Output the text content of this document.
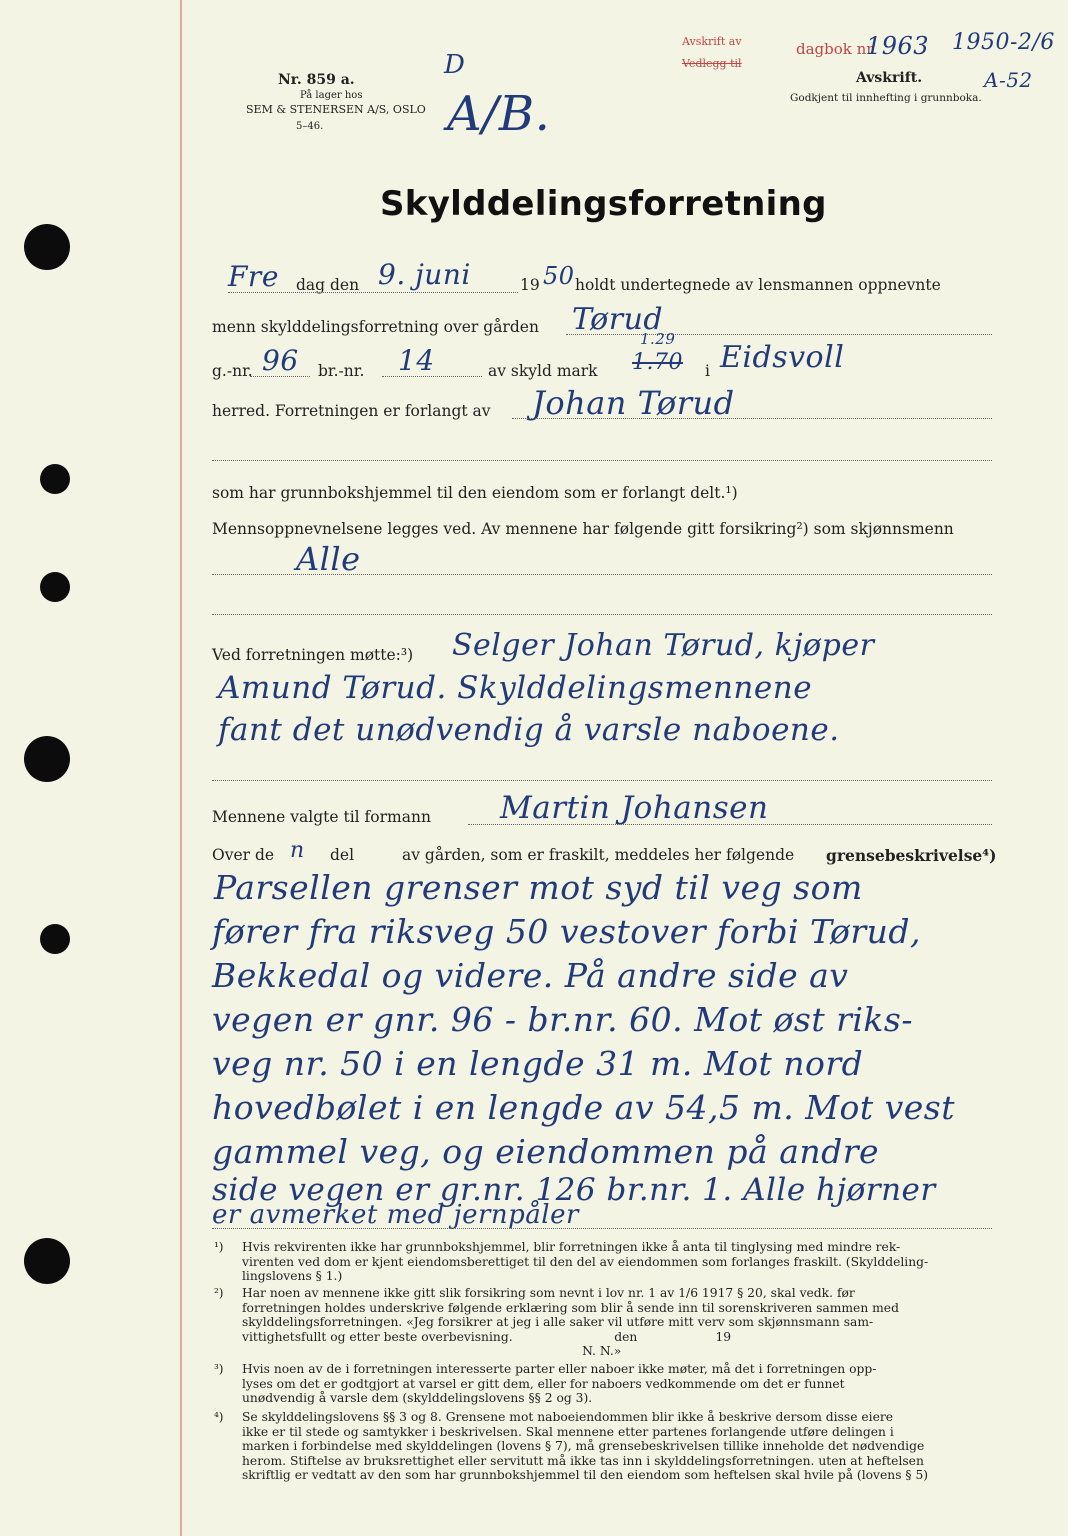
Nr. 859 a.
På lager hos
SEM & STENERSEN A/S, OSLO
5–46.
D
A/B.
Avskrift av
Vedlegg til
dagbok nr
1963 1950-2/6
Avskrift.
Godkjent til innhefting i grunnboka.
A-52
Skylddelingsforretning
Fre dag den 9. juni	19 50 holdt undertegnede av lensmannen oppnevnte
menn skylddelingsforretning over gården Tørud
g.-nr. 96 br.-nr. 14	av skyld mark 1.70
1.29
i Eidsvoll
herred. Forretningen er forlangt av Johan Tørud
som har grunnbokshjemmel til den eiendom som er forlangt delt.¹)
Mennsoppnevnelsene legges ved. Av mennene har følgende gitt forsikring²) som skjønnsmenn
Alle
Ved forretningen møtte:³) Selger Johan Tørud, kjøper
Amund Tørud. Skylddelingsmennene
fant det unødvendig å varsle naboene.
Mennene valgte til formann Martin Johansen
Over de n del	av gården, som er fraskilt, meddeles her følgende grensebeskrivelse⁴)
Parsellen grenser mot syd til veg som
fører fra riksveg 50 vestover forbi Tørud,
Bekkedal og videre. På andre side av
vegen er gnr. 96 - br.nr. 60. Mot øst riks-
veg nr. 50 i en lengde 31 m. Mot nord
hovedbølet i en lengde av 54,5 m. Mot vest
gammel veg, og eiendommen på andre
side vegen er gr.nr. 126 br.nr. 1. Alle hjørner
er avmerket med jernpåler
¹) Hvis rekvirenten ikke har grunnbokshjemmel, blir forretningen ikke å anta til tinglysing med mindre rek-
virenten ved dom er kjent eiendomsberettiget til den del av eiendommen som forlanges fraskilt. (Skylddeling-
lingslovens § 1.)
²) Har noen av mennene ikke gitt slik forsikring som nevnt i lov nr. 1 av 1/6 1917 § 20, skal vedk. før
forretningen holdes underskrive følgende erklæring som blir å sende inn til sorenskriveren sammen med
skylddelingsforretningen. «Jeg forsikrer at jeg i alle saker vil utføre mitt verv som skjønnsmann sam-
vittighetsfullt og etter beste overbevisning.                          den                    19
N. N.»
³) Hvis noen av de i forretningen interesserte parter eller naboer ikke møter, må det i forretningen opp-
lyses om det er godtgjort at varsel er gitt dem, eller for naboers vedkommende om det er funnet
unødvendig å varsle dem (skylddelingslovens §§ 2 og 3).
⁴) Se skylddelingslovens §§ 3 og 8. Grensene mot naboeiendommen blir ikke å beskrive dersom disse eiere
ikke er til stede og samtykker i beskrivelsen. Skal mennene etter partenes forlangende utføre delingen i
marken i forbindelse med skylddelingen (lovens § 7), må grensebeskrivelsen tillike inneholde det nødvendige
herom. Stiftelse av bruksrettighet eller servitutt må ikke tas inn i skylddelingsforretningen. uten at heftelsen
skriftlig er vedtatt av den som har grunnbokshjemmel til den eiendom som heftelsen skal hvile på (lovens § 5)
